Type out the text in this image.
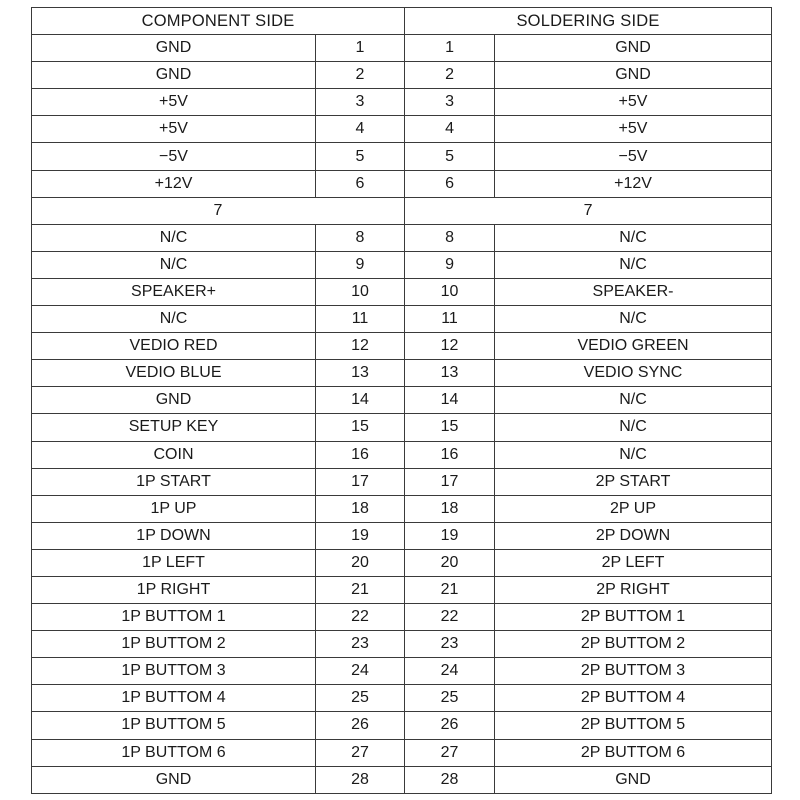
COMPONENT SIDE		SOLDERING SIDE	
GND	1	1	GND
GND	2	2	GND
+5V	3	3	+5V
+5V	4	4	+5V
−5V	5	5	−5V
+12V	6	6	+12V
7		7	
N/C	8	8	N/C
N/C	9	9	N/C
SPEAKER+	10	10	SPEAKER-
N/C	11	11	N/C
VEDIO RED	12	12	VEDIO GREEN
VEDIO BLUE	13	13	VEDIO SYNC
GND	14	14	N/C
SETUP KEY	15	15	N/C
COIN	16	16	N/C
1P START	17	17	2P START
1P UP	18	18	2P UP
1P DOWN	19	19	2P DOWN
1P LEFT	20	20	2P LEFT
1P RIGHT	21	21	2P RIGHT
1P BUTTOM 1	22	22	2P BUTTOM 1
1P BUTTOM 2	23	23	2P BUTTOM 2
1P BUTTOM 3	24	24	2P BUTTOM 3
1P BUTTOM 4	25	25	2P BUTTOM 4
1P BUTTOM 5	26	26	2P BUTTOM 5
1P BUTTOM 6	27	27	2P BUTTOM 6
GND	28	28	GND
